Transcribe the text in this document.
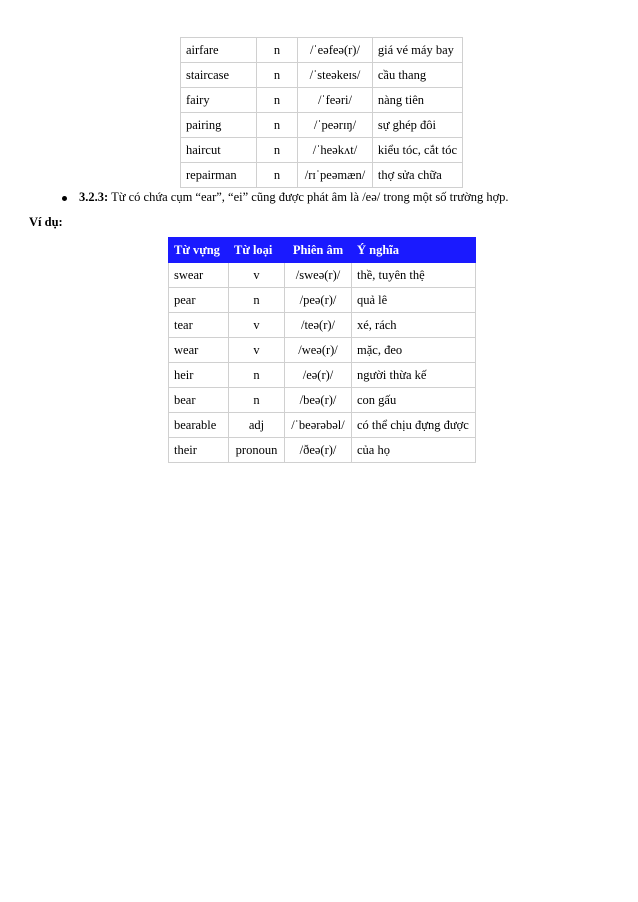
airfare	n	/ˈeəfeə(r)/	giá vé máy bay
staircase	n	/ˈsteəkeɪs/	cầu thang
fairy	n	/ˈfeəri/	nàng tiên
pairing	n	/ˈpeərɪŋ/	sự ghép đôi
haircut	n	/ˈheəkʌt/	kiểu tóc, cắt tóc
repairman	n	/rɪˈpeəmæn/	thợ sửa chữa
3.2.3: Từ có chứa cụm “ear”, “ei” cũng được phát âm là /eə/ trong một số trường hợp.
Ví dụ:
Từ vựng	Từ loại	Phiên âm	Ý nghĩa
swear	v	/sweə(r)/	thề, tuyên thệ
pear	n	/peə(r)/	quả lê
tear	v	/teə(r)/	xé, rách
wear	v	/weə(r)/	mặc, đeo
heir	n	/eə(r)/	người thừa kế
bear	n	/beə(r)/	con gấu
bearable	adj	/ˈbeərəbəl/	có thể chịu đựng được
their	pronoun	/ðeə(r)/	của họ
